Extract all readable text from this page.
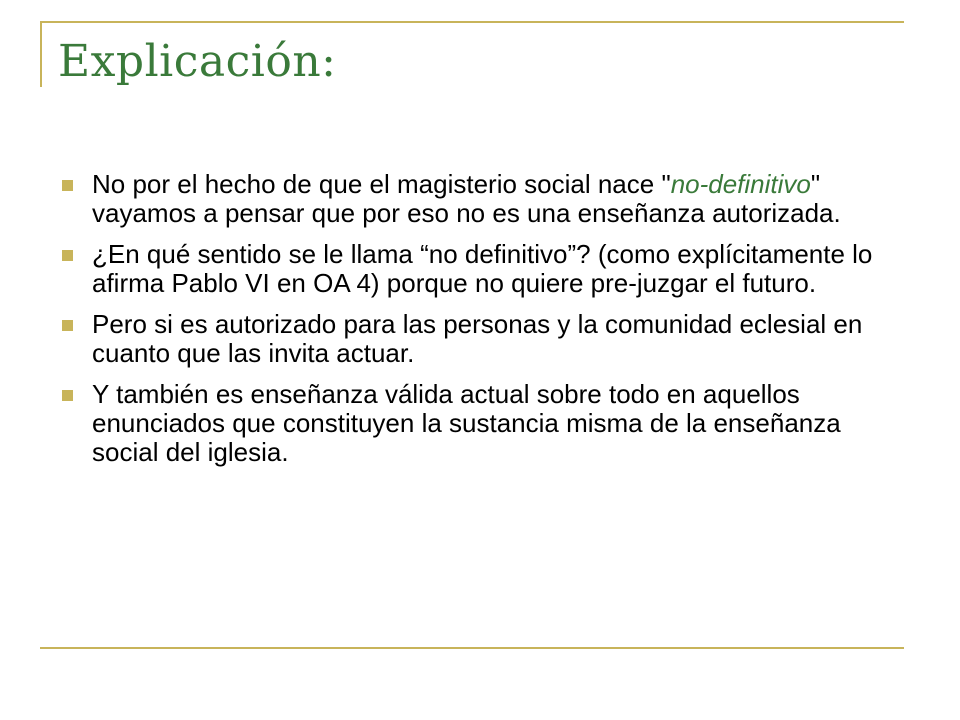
Explicación:
No por el hecho de que el magisterio social nace "no-definitivo" vayamos a pensar que por eso no es una enseñanza autorizada.
¿En qué sentido se le llama “no definitivo”? (como explícitamente lo afirma Pablo VI en OA 4) porque no quiere pre-juzgar el futuro.
Pero si es autorizado para las personas y la comunidad eclesial en cuanto que las invita actuar.
Y también es enseñanza válida actual sobre todo en aquellos enunciados que constituyen la sustancia misma de la enseñanza social del iglesia.
